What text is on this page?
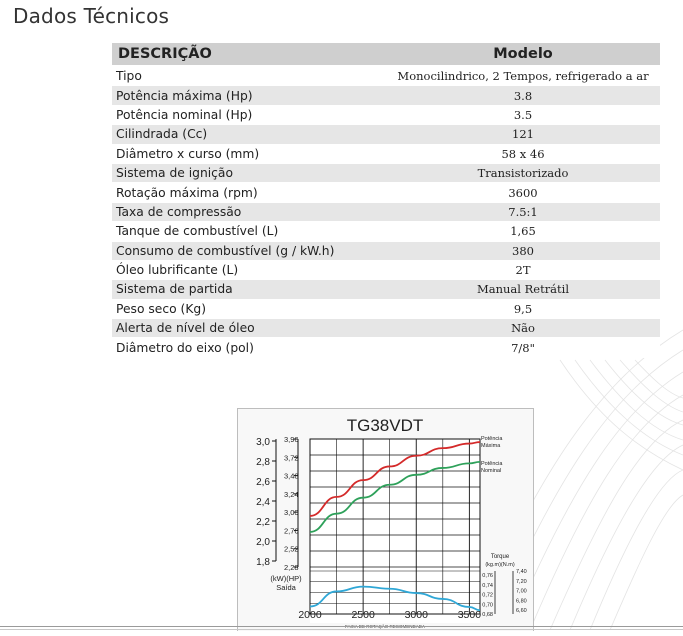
Dados Técnicos
DESCRIÇÃO	Modelo
Tipo	Monocilindrico, 2 Tempos, refrigerado a ar
Potência máxima (Hp)	3.8
Potência nominal (Hp)	3.5
Cilindrada (Cc)	121
Diâmetro x curso (mm)	58 x 46
Sistema de ignição	Transistorizado
Rotação máxima (rpm)	3600
Taxa de compressão	7.5:1
Tanque de combustível (L)	1,65
Consumo de combustível (g / kW.h)	380
Óleo lubrificante (L)	2T
Sistema de partida	Manual Retrátil
Peso seco (Kg)	9,5
Alerta de nível de óleo	Não
Diâmetro do eixo (pol)	7/8"
TG38VDT
3,0
2,8
2,6
2,4
2,2
2,0
1,8
3,96
3,72
3,48
3,24
3,00
2,76
2,52
2,28
(kW)(HP)
Saída
Torque
(kg.m)(N.m)
0,76
0,74
0,72
0,70
0,68
7,40
7,20
7,00
6,80
6,60
2000	2500	3000	3500
Potência
Máxima
Potência
Nominal
